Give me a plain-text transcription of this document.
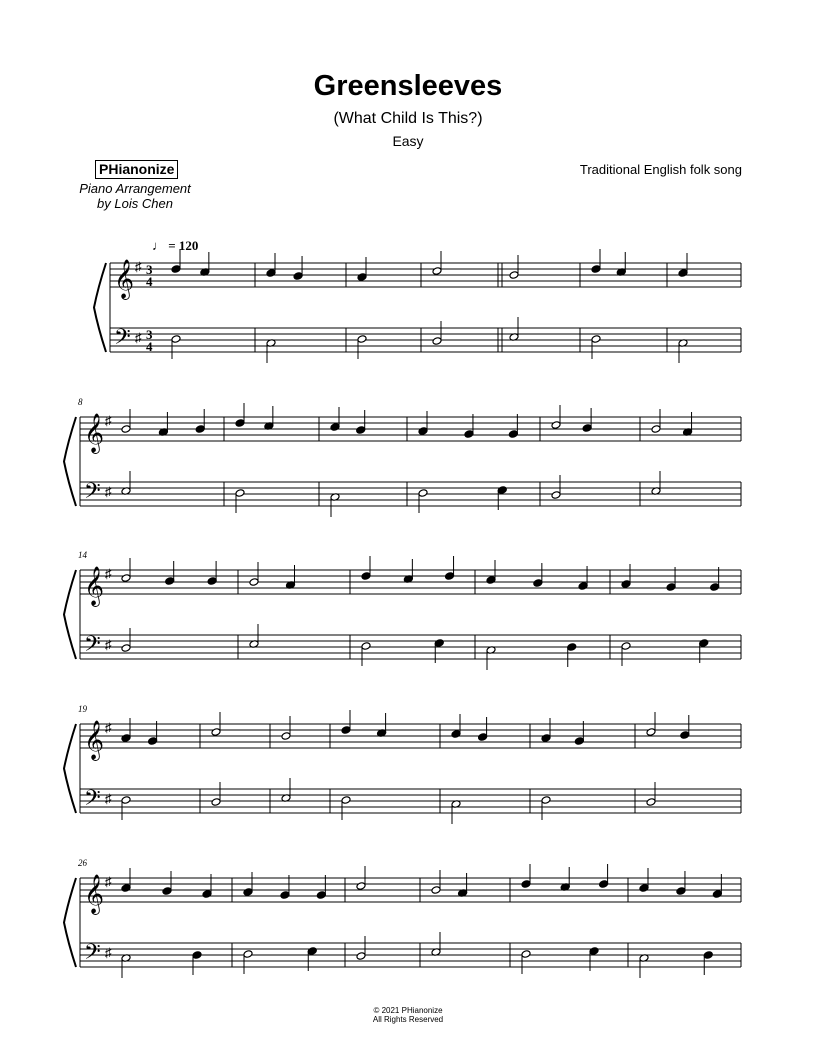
Greensleeves
(What Child Is This?)
Easy
PHianonize
Piano Arrangement
by Lois Chen
Traditional English folk song
♩ = 120
𝄞
𝄢
♯
♯
3
3
4
4
𝄞
𝄢
♯
♯
8
𝄞
𝄢
♯
♯
14
𝄞
𝄢
♯
♯
19
𝄞
𝄢
♯
♯
26
© 2021 PHianonize
All Rights Reserved
